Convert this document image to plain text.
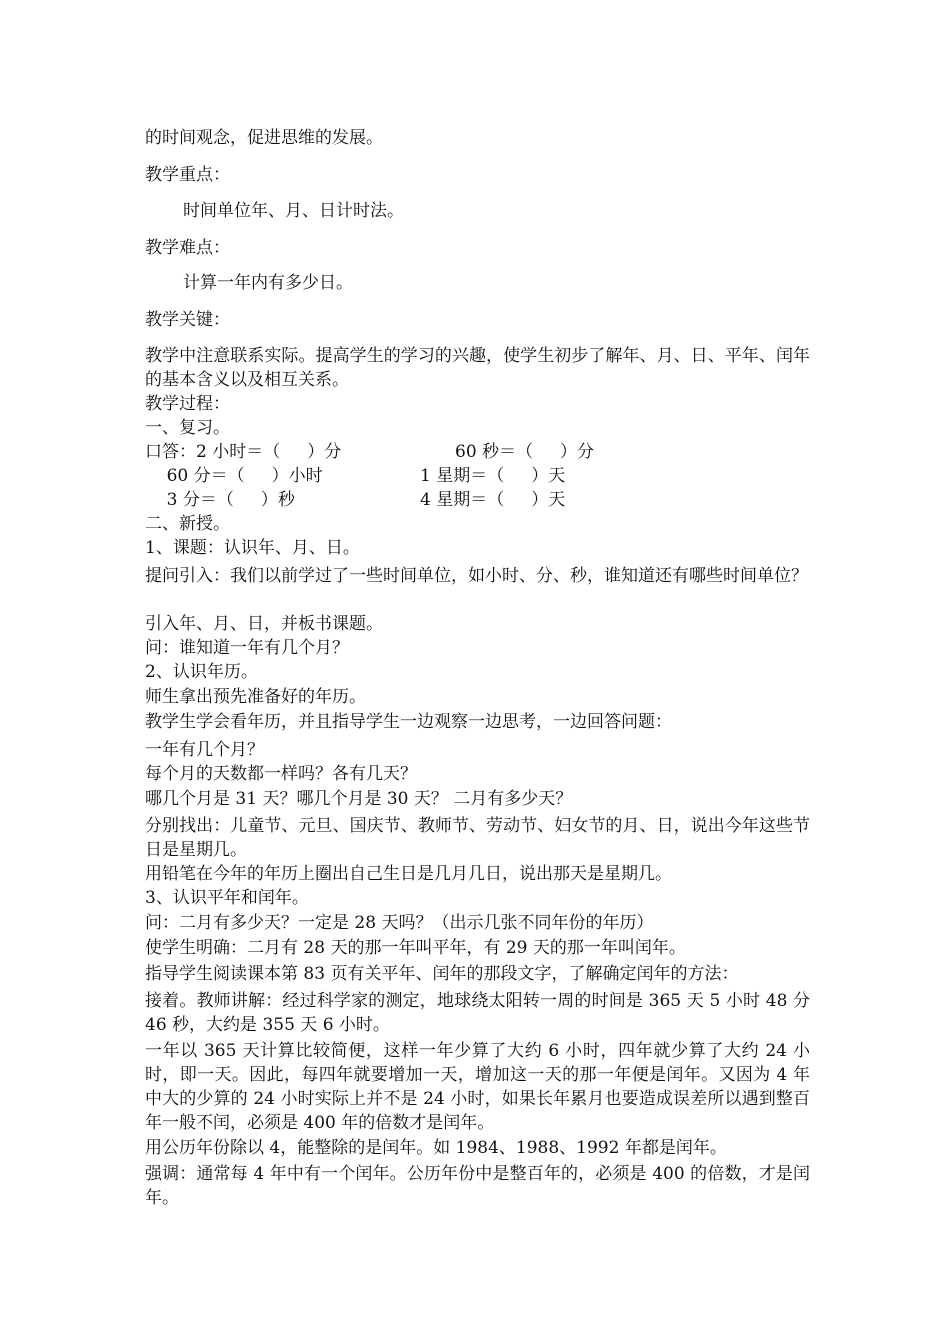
的时间观念，促进思维的发展。

教学重点：

时间单位年、月、日计时法。

教学难点：

计算一年内有多少日。

教学关键：

教学中注意联系实际。提高学生的学习的兴趣，使学生初步了解年、月、日、平年、闰年的基本含义以及相互关系。

教学过程：

一、复习。

口答：2 小时＝（     ）分	60 秒＝（     ）分
60 分＝（     ）小时	1 星期＝（     ）天
3 分＝（     ）秒	4 星期＝（     ）天

二、新授。

1、课题：认识年、月、日。

提问引入：我们以前学过了一些时间单位，如小时、分、秒，谁知道还有哪些时间单位？

引入年、月、日，并板书课题。

问：谁知道一年有几个月？

2、认识年历。

师生拿出预先准备好的年历。

教学生学会看年历，并且指导学生一边观察一边思考，一边回答问题：

一年有几个月？

每个月的天数都一样吗？各有几天？

哪几个月是 31 天？哪几个月是 30 天？ 二月有多少天？

分别找出：儿童节、元旦、国庆节、教师节、劳动节、妇女节的月、日，说出今年这些节日是星期几。

用铅笔在今年的年历上圈出自己生日是几月几日，说出那天是星期几。

3、认识平年和闰年。

问：二月有多少天？一定是 28 天吗？（出示几张不同年份的年历）

使学生明确：二月有 28 天的那一年叫平年，有 29 天的那一年叫闰年。

指导学生阅读课本第 83 页有关平年、闰年的那段文字，了解确定闰年的方法：

接着。教师讲解：经过科学家的测定，地球绕太阳转一周的时间是 365 天 5 小时 48 分 46 秒，大约是 355 天 6 小时。

一年以 365 天计算比较简便，这样一年少算了大约 6 小时，四年就少算了大约 24 小时，即一天。因此，每四年就要增加一天，增加这一天的那一年便是闰年。又因为 4 年中大的少算的 24 小时实际上并不是 24 小时，如果长年累月也要造成误差所以遇到整百年一般不闰，必须是 400 年的倍数才是闰年。

用公历年份除以 4，能整除的是闰年。如 1984、1988、1992 年都是闰年。

强调：通常每 4 年中有一个闰年。公历年份中是整百年的，必须是 400 的倍数，才是闰年。
